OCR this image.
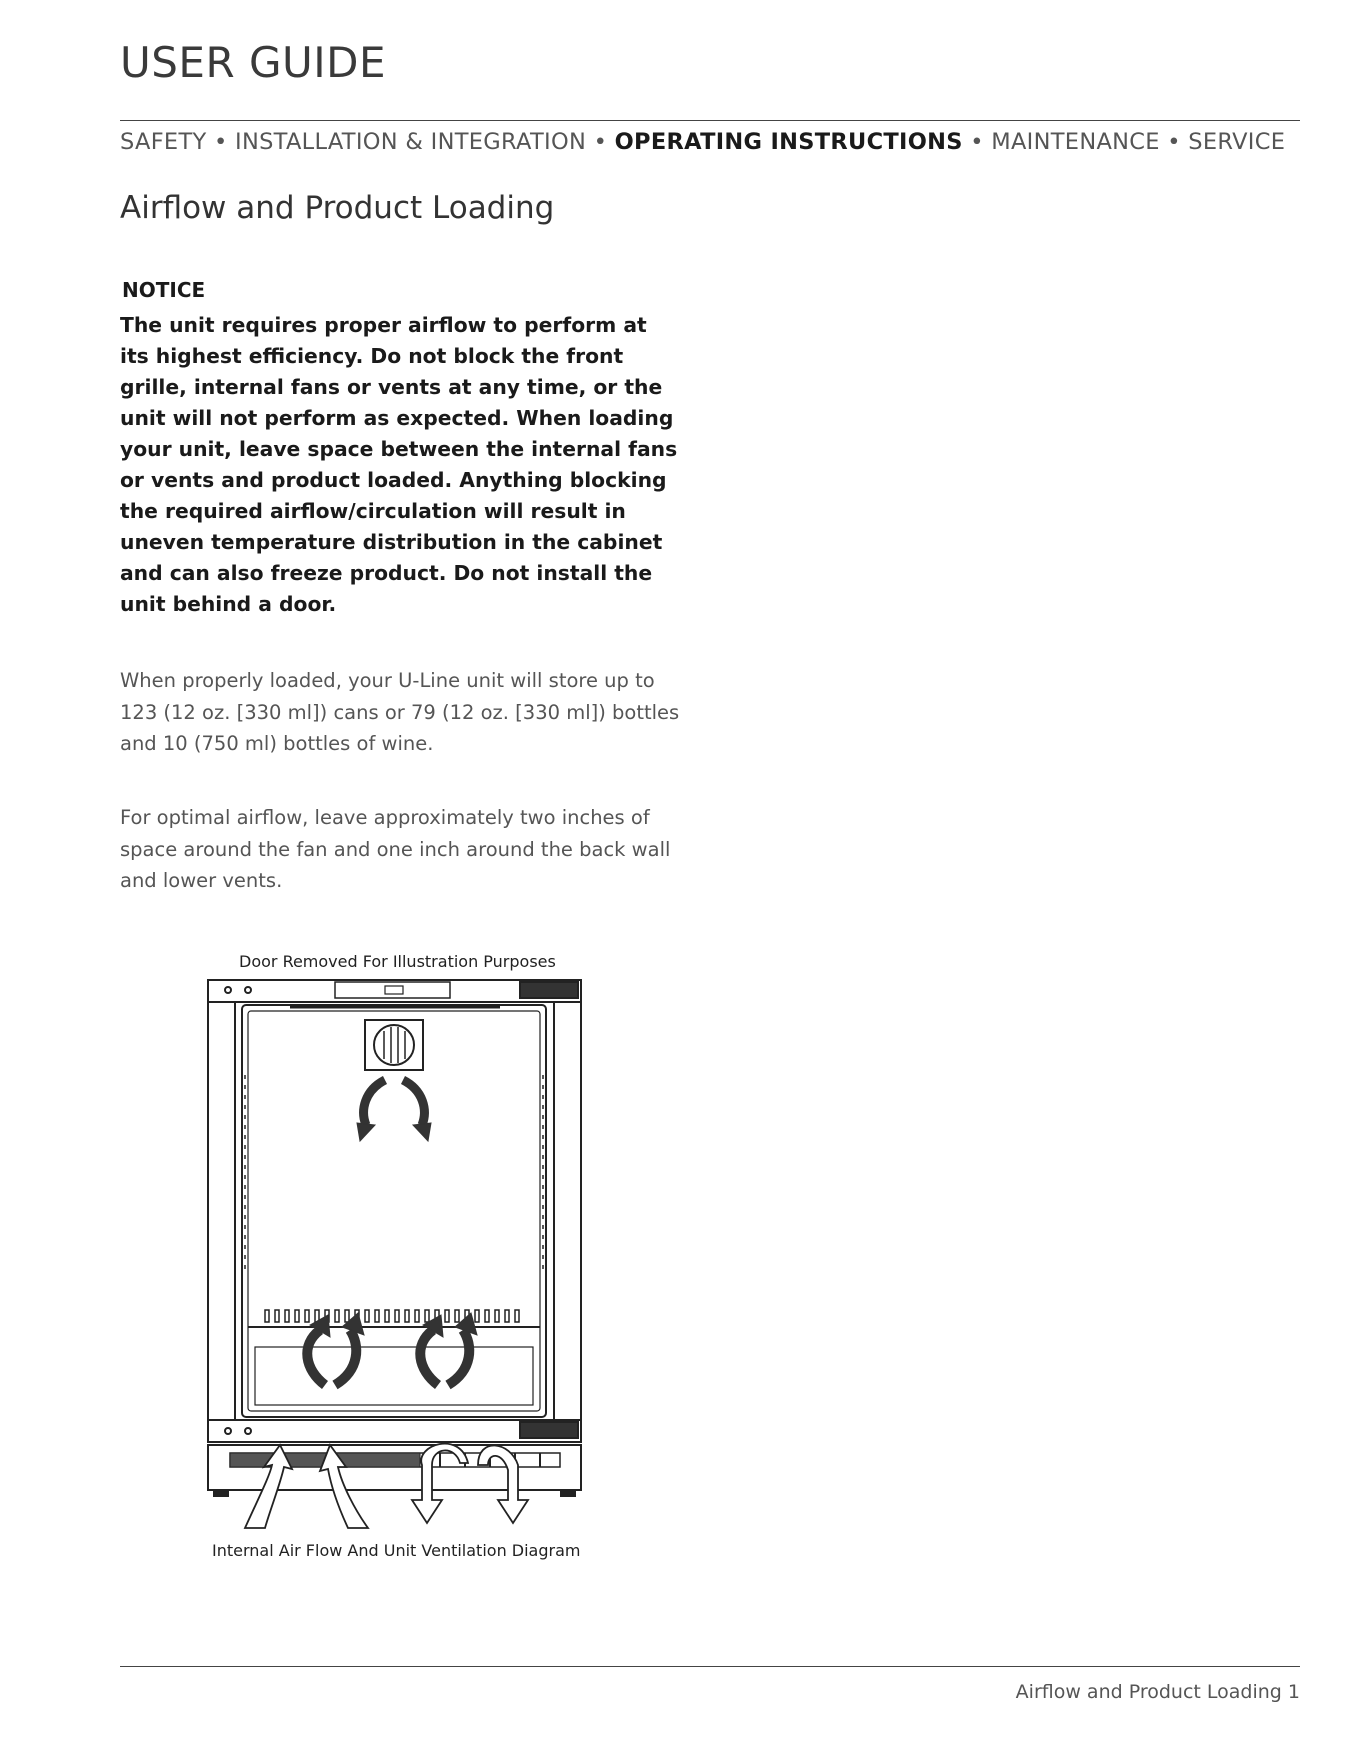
USER GUIDE
SAFETY • INSTALLATION & INTEGRATION • OPERATING INSTRUCTIONS • MAINTENANCE • SERVICE
Airflow and Product Loading
NOTICE
The unit requires proper airflow to perform at its highest efficiency. Do not block the front grille, internal fans or vents at any time, or the unit will not perform as expected. When loading your unit, leave space between the internal fans or vents and product loaded. Anything blocking the required airflow/circulation will result in uneven temperature distribution in the cabinet and can also freeze product. Do not install the unit behind a door.
When properly loaded, your U-Line unit will store up to 123 (12 oz. [330 ml]) cans or 79 (12 oz. [330 ml]) bottles and 10 (750 ml) bottles of wine.
For optimal airflow, leave approximately two inches of space around the fan and one inch around the back wall and lower vents.
Door Removed For Illustration Purposes
Internal Air Flow And Unit Ventilation Diagram
Airflow and Product Loading 1
